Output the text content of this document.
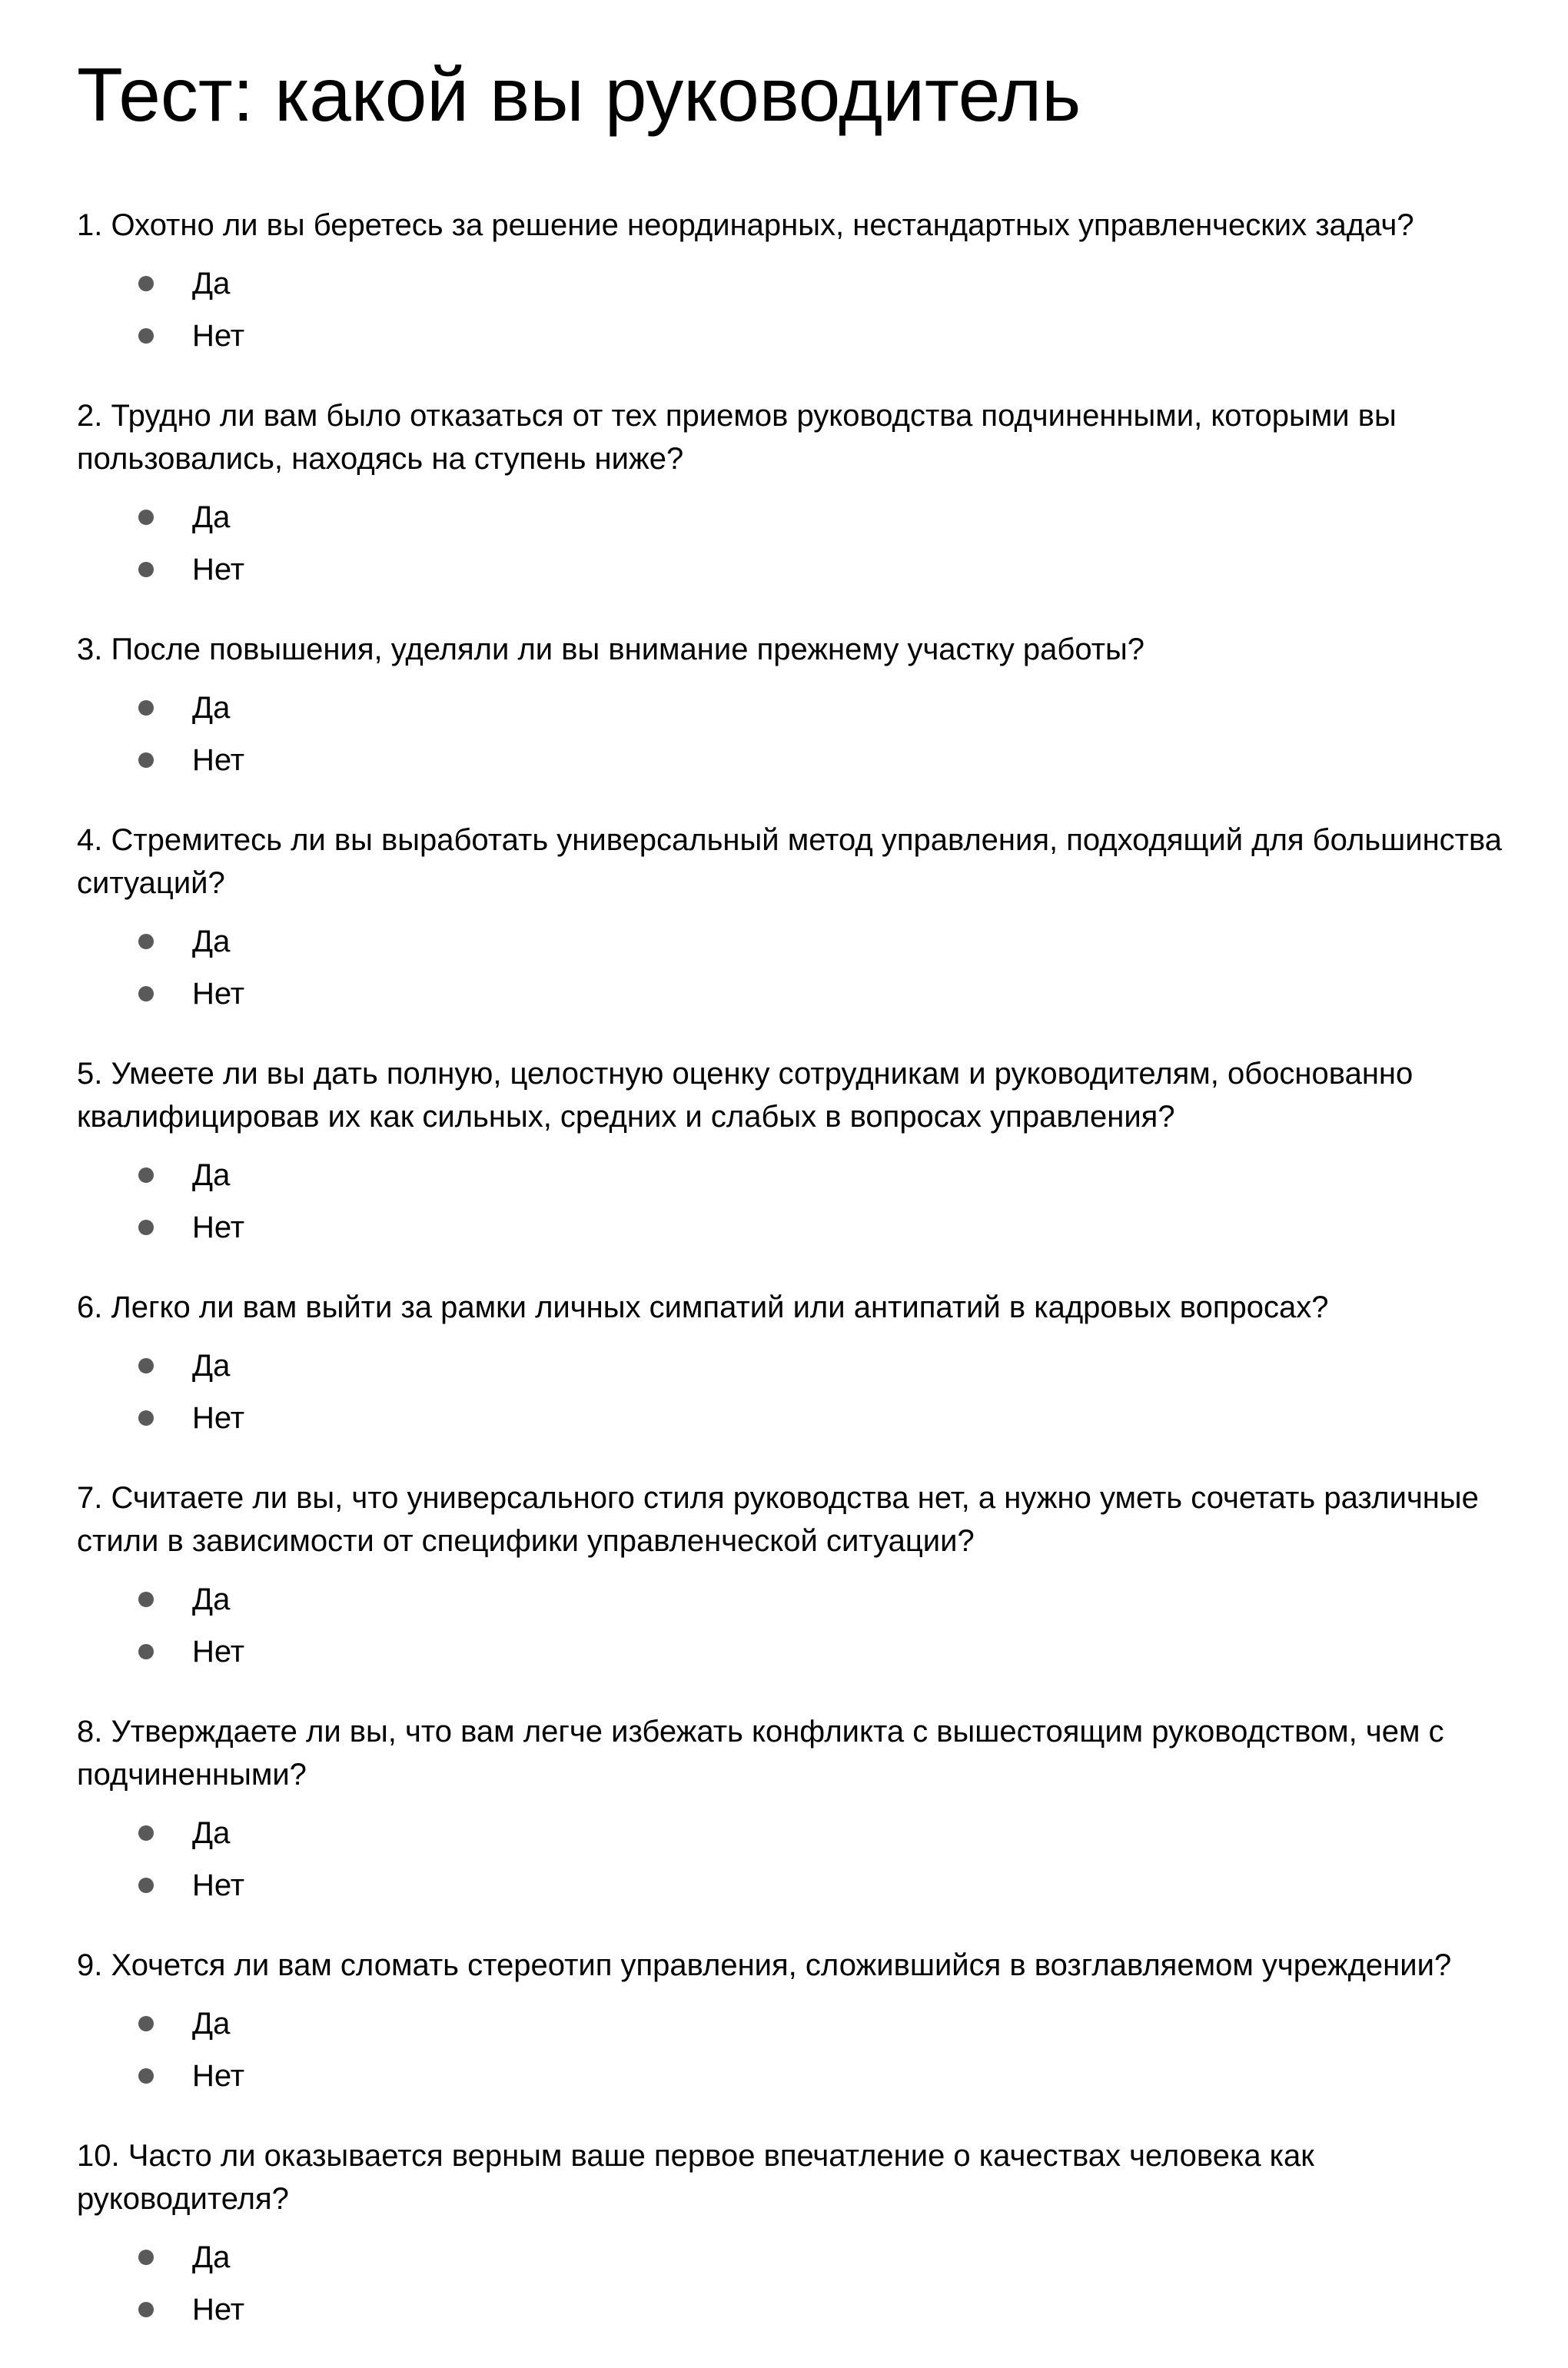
Тест: какой вы руководитель

1. Охотно ли вы беретесь за решение неординарных, нестандартных управленческих задач?

Да
Нет

2. Трудно ли вам было отказаться от тех приемов руководства подчиненными, которыми вы пользовались, находясь на ступень ниже?

Да
Нет

3. После повышения, уделяли ли вы внимание прежнему участку работы?

Да
Нет

4. Стремитесь ли вы выработать универсальный метод управления, подходящий для большинства ситуаций?

Да
Нет

5. Умеете ли вы дать полную, целостную оценку сотрудникам и руководителям, обоснованно квалифицировав их как сильных, средних и слабых в вопросах управления?

Да
Нет

6. Легко ли вам выйти за рамки личных симпатий или антипатий в кадровых вопросах?

Да
Нет

7. Считаете ли вы, что универсального стиля руководства нет, а нужно уметь сочетать различные стили в зависимости от специфики управленческой ситуации?

Да
Нет

8. Утверждаете ли вы, что вам легче избежать конфликта с вышестоящим руководством, чем с подчиненными?

Да
Нет

9. Хочется ли вам сломать стереотип управления, сложившийся в возглавляемом учреждении?

Да
Нет

10. Часто ли оказывается верным ваше первое впечатление о качествах человека как руководителя?

Да
Нет
